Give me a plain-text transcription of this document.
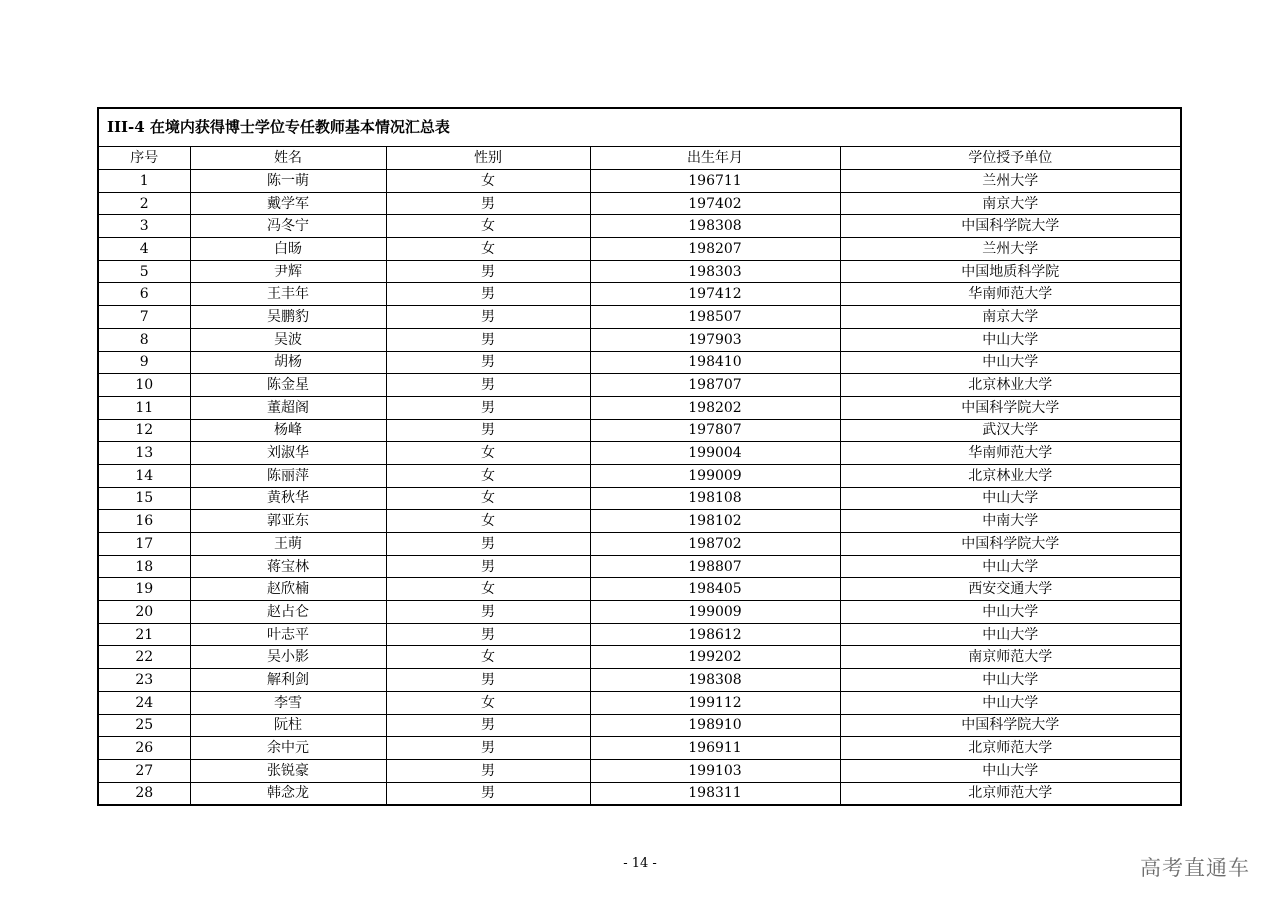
III-4 在境内获得博士学位专任教师基本情况汇总表				
序号	姓名	性别	出生年月	学位授予单位
1	陈一萌	女	196711	兰州大学
2	戴学军	男	197402	南京大学
3	冯冬宁	女	198308	中国科学院大学
4	白旸	女	198207	兰州大学
5	尹辉	男	198303	中国地质科学院
6	王丰年	男	197412	华南师范大学
7	吴鹏豹	男	198507	南京大学
8	吴波	男	197903	中山大学
9	胡杨	男	198410	中山大学
10	陈金星	男	198707	北京林业大学
11	董超阁	男	198202	中国科学院大学
12	杨峰	男	197807	武汉大学
13	刘淑华	女	199004	华南师范大学
14	陈丽萍	女	199009	北京林业大学
15	黄秋华	女	198108	中山大学
16	郭亚东	女	198102	中南大学
17	王萌	男	198702	中国科学院大学
18	蒋宝林	男	198807	中山大学
19	赵欣楠	女	198405	西安交通大学
20	赵占仑	男	199009	中山大学
21	叶志平	男	198612	中山大学
22	吴小影	女	199202	南京师范大学
23	解利剑	男	198308	中山大学
24	李雪	女	199112	中山大学
25	阮柱	男	198910	中国科学院大学
26	余中元	男	196911	北京师范大学
27	张锐豪	男	199103	中山大学
28	韩念龙	男	198311	北京师范大学
- 14 -	高考直通车
